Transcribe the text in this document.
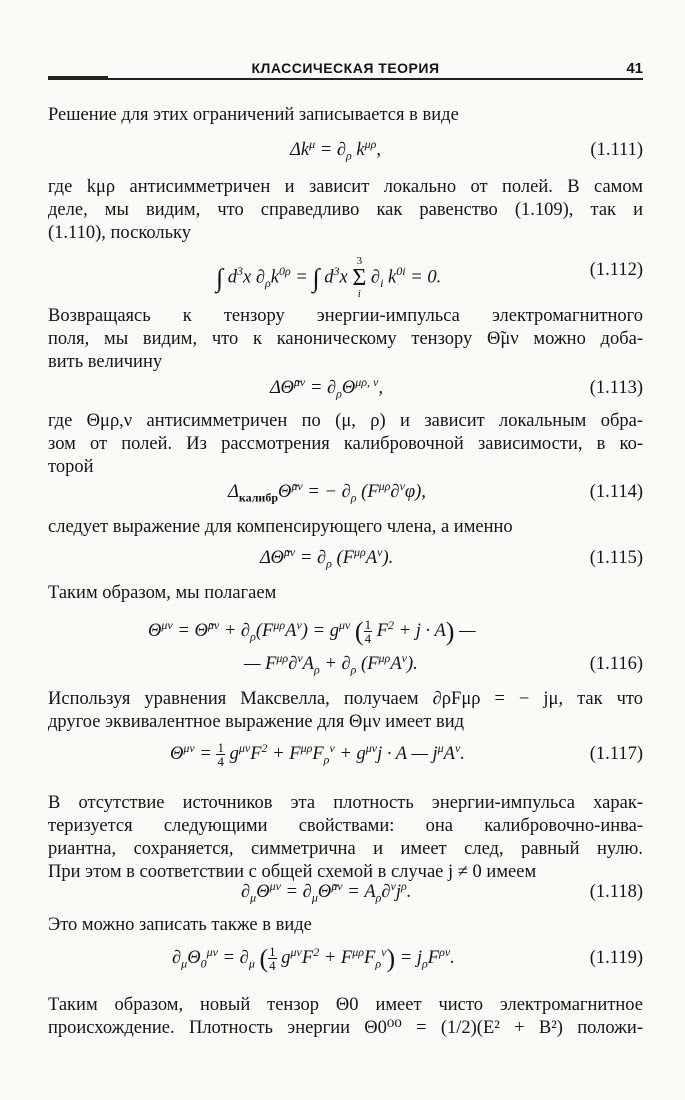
КЛАССИЧЕСКАЯ ТЕОРИЯ	41
Решение для этих ограничений записывается в виде
$\Delta k^\mu = \partial_\rho$ $k^{\mu\rho}$,	(1.111)
где kμρ антисимметричен и зависит локально от полей. В самом
деле, мы видим, что справедливо как равенство (1.109), так и
(1.110), поскольку
∫ $d^3x$ $\partial_\rho k^{0\rho}$ = ∫ $d^3x$
3
Σ
i
$\partial_i$ $k^{0i} = 0$.	(1.112)
Возвращаясь к тензору энергии-импульса электромагнитного
поля, мы видим, что к каноническому тензору Θ̃μν можно доба-
вить величину
ΔΘ̃$^{\mu\nu}$ = $\partial_\rho\Theta^{\mu\rho, \nu}$,	(1.113)
где Θμρ,ν антисимметричен по (μ, ρ) и зависит локальным обра-
зом от полей. Из рассмотрения калибровочной зависимости, в ко-
торой
$\Delta_{калибр}\Thetã^{\mu\nu}$ = − $\partial_\rho$ $(F^{\mu\rho}\partial^\nu\varphi)$,	(1.114)
следует выражение для компенсирующего члена, а именно
ΔΘ̃$^{\mu\nu}$ = $\partial_\rho$ $(F^{\mu\rho}A^\nu)$.	(1.115)
Таким образом, мы полагаем
$\Theta^{\mu\nu}$ = Θ̃$^{\mu\nu}$ + $\partial_\rho(F^{\mu\rho}A^\nu) = g^{\mu\nu}$ ( $\frac{1}{4} F^2 + j \cdot A$) —
— $F^{\mu\rho}\partial^\nu A_\rho + \partial_\rho$ $(F^{\mu\rho}A^\nu)$.	(1.116)
Используя уравнения Максвелла, получаем ∂ρFμρ = − jμ, так что
другое эквивалентное выражение для Θμν имеет вид
$\Theta^{\mu\nu} = \frac{1}{4} g^{\mu\nu}F^2 + F^{\mu\rho}F_\rho^\nu + g^{\mu\nu}j \cdot A$ — $j^\mu A^\nu$.	(1.117)
В отсутствие источников эта плотность энергии-импульса харак-
теризуется следующими свойствами: она калибровочно-инва-
риантна, сохраняется, симметрична и имеет след, равный нулю.
При этом в соответствии с общей схемой в случае j ≠ 0 имеем
$\partial_\mu\Theta^{\mu\nu}$ = $\partial_\mu\Thetã^{\mu\nu} = A_\rho\partial^\nu j^\rho$.	(1.118)
Это можно записать также в виде
$\partial_\mu\Theta_0^{\mu\nu} = \partial_\mu$ ( $\frac{1}{4} g^{\mu\nu}F^2 + F^{\mu\rho}F_\rho^\nu) = j_\rho F^{\rho\nu}$.	(1.119)
Таким образом, новый тензор Θ0 имеет чисто электромагнитное
происхождение. Плотность энергии Θ0⁰⁰ = (1/2)(E² + B²) положи-
